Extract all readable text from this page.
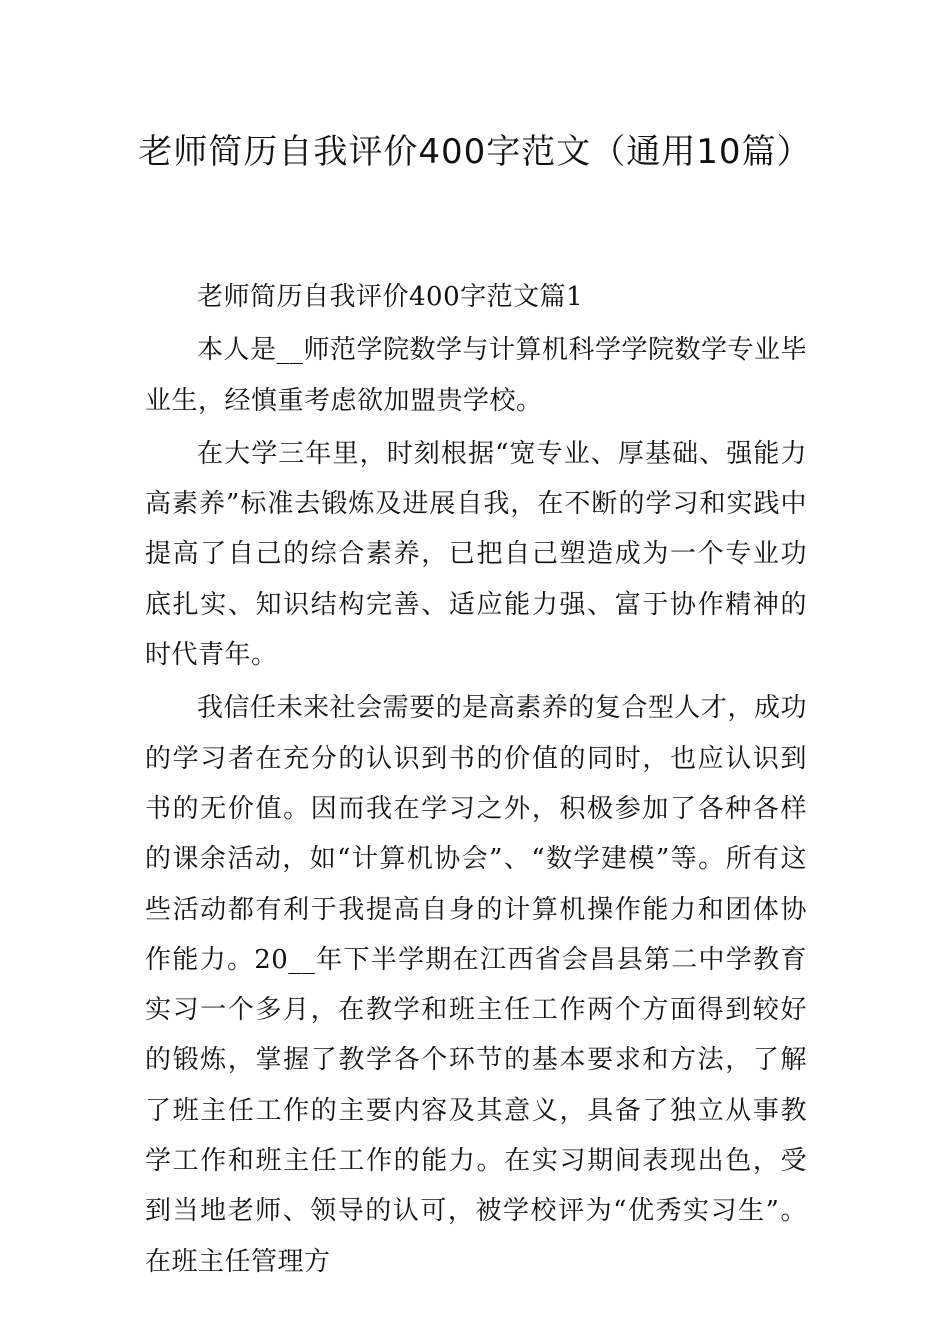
老师简历自我评价400字范文（通用10篇）

老师简历自我评价400字范文篇1

本人是__师范学院数学与计算机科学学院数学专业毕业生，经慎重考虑欲加盟贵学校。

在大学三年里，时刻根据“宽专业、厚基础、强能力高素养”标准去锻炼及进展自我，在不断的学习和实践中提高了自己的综合素养，已把自己塑造成为一个专业功底扎实、知识结构完善、适应能力强、富于协作精神的时代青年。

我信任未来社会需要的是高素养的复合型人才，成功的学习者在充分的认识到书的价值的同时，也应认识到书的无价值。因而我在学习之外，积极参加了各种各样的课余活动，如“计算机协会”、“数学建模”等。所有这些活动都有利于我提高自身的计算机操作能力和团体协作能力。20__年下半学期在江西省会昌县第二中学教育实习一个多月，在教学和班主任工作两个方面得到较好的锻炼，掌握了教学各个环节的基本要求和方法，了解了班主任工作的主要内容及其意义，具备了独立从事教学工作和班主任工作的能力。在实习期间表现出色，受到当地老师、领导的认可，被学校评为“优秀实习生”。在班主任管理方
